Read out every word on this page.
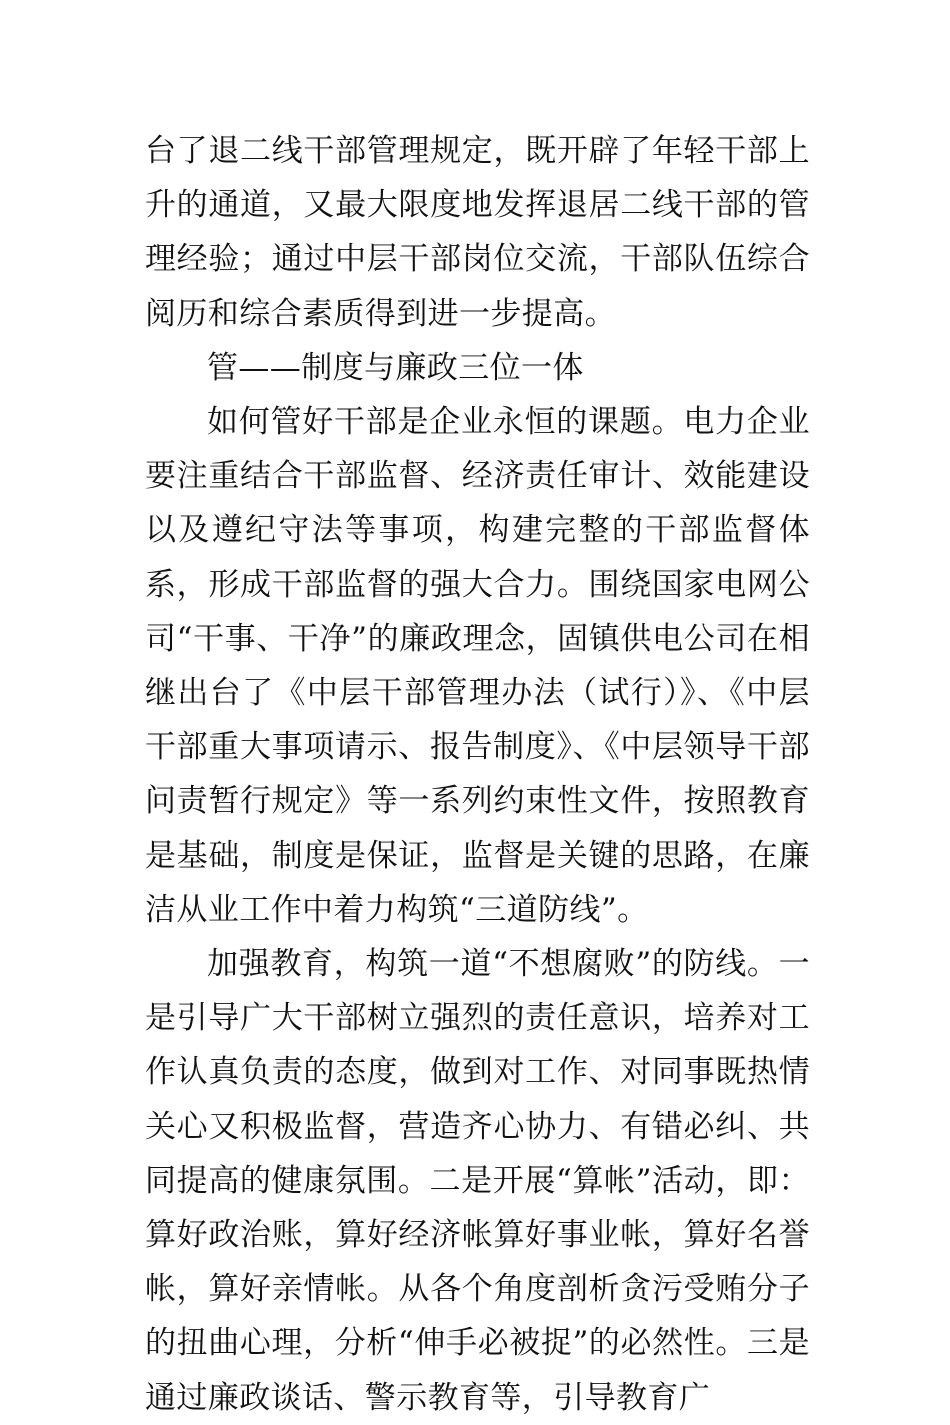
台了退二线干部管理规定，既开辟了年轻干部上升的通道，又最大限度地发挥退居二线干部的管理经验；通过中层干部岗位交流，干部队伍综合阅历和综合素质得到进一步提高。

管——制度与廉政三位一体

如何管好干部是企业永恒的课题。电力企业要注重结合干部监督、经济责任审计、效能建设以及遵纪守法等事项，构建完整的干部监督体系，形成干部监督的强大合力。围绕国家电网公司“干事、干净”的廉政理念，固镇供电公司在相继出台了《中层干部管理办法（试行）》、《中层干部重大事项请示、报告制度》、《中层领导干部问责暂行规定》等一系列约束性文件，按照教育是基础，制度是保证，监督是关键的思路，在廉洁从业工作中着力构筑“三道防线”。

加强教育，构筑一道“不想腐败”的防线。一是引导广大干部树立强烈的责任意识，培养对工作认真负责的态度，做到对工作、对同事既热情关心又积极监督，营造齐心协力、有错必纠、共同提高的健康氛围。二是开展“算帐”活动，即：算好政治账，算好经济帐算好事业帐，算好名誉帐，算好亲情帐。从各个角度剖析贪污受贿分子的扭曲心理，分析“伸手必被捉”的必然性。三是通过廉政谈话、警示教育等，引导教育广
